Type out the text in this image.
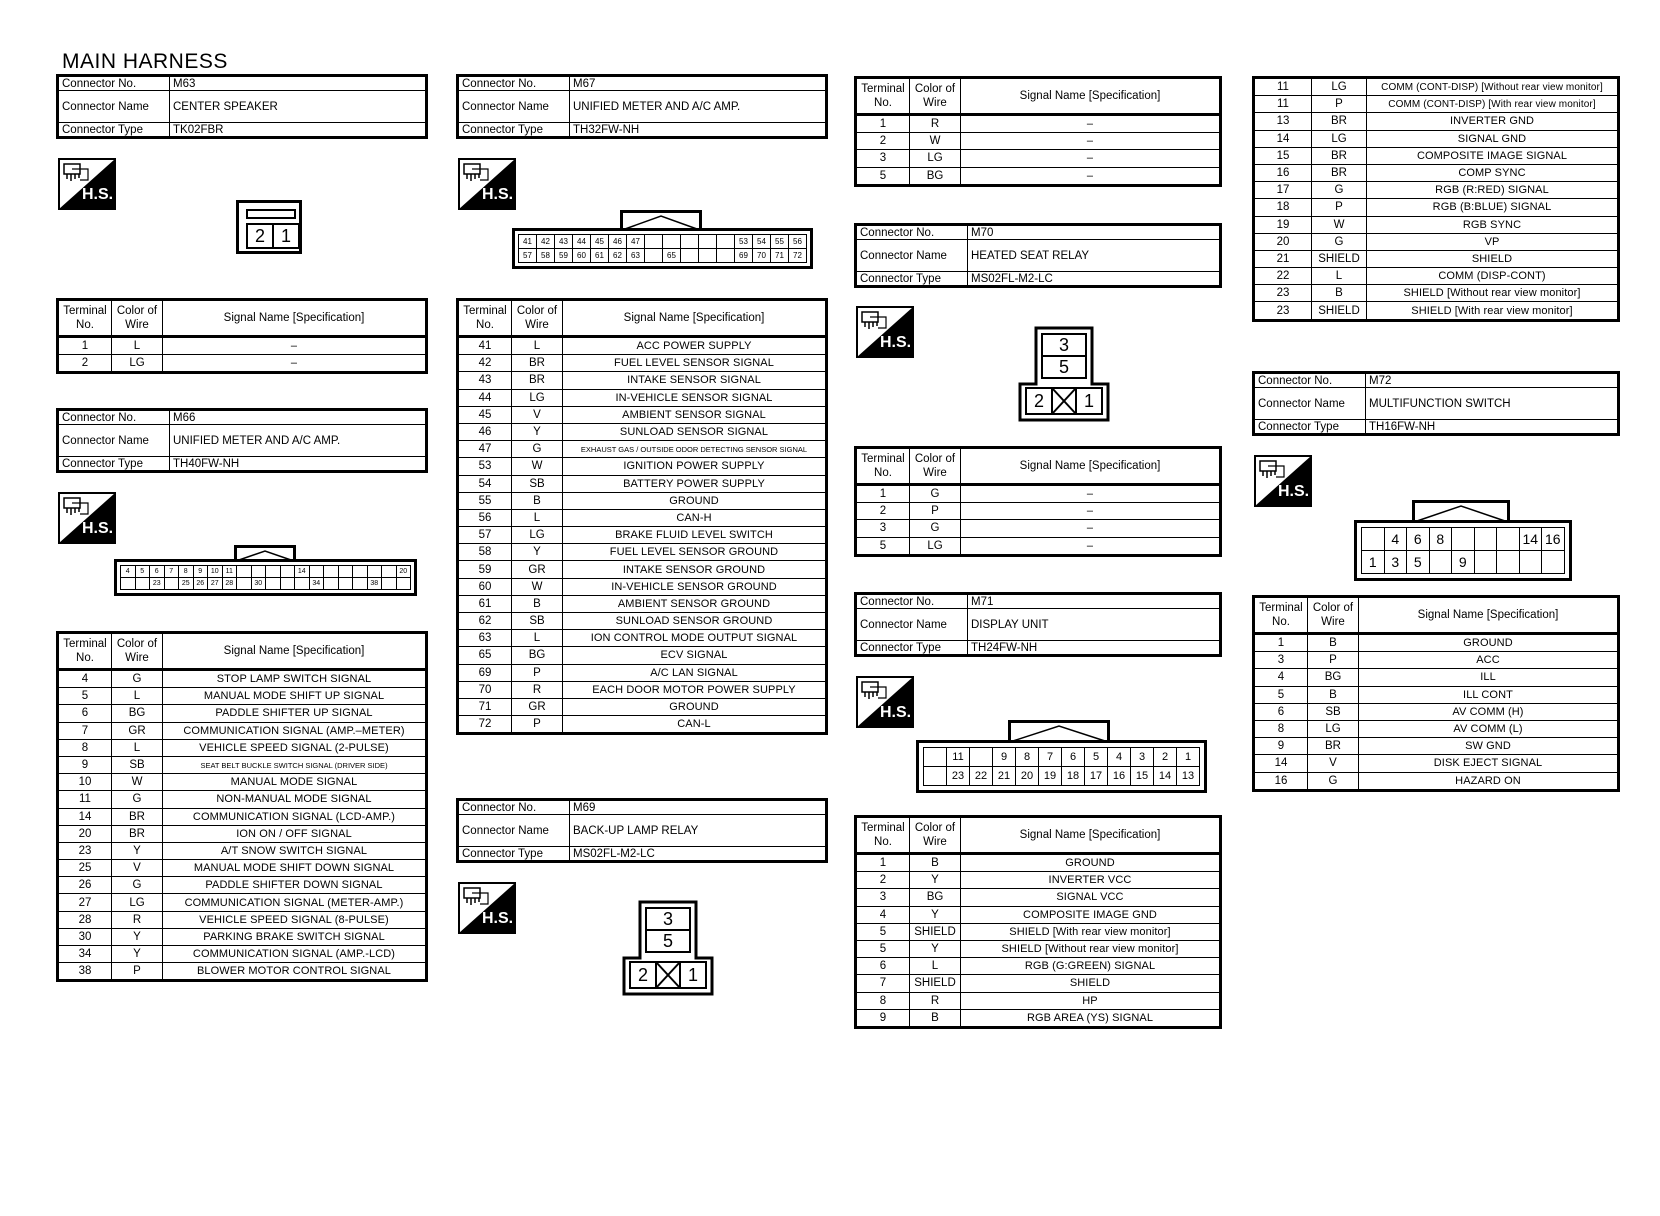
MAIN HARNESS
Connector No.	M63
Connector Name	CENTER SPEAKER
Connector Type	TK02FBR
H.S.
2 1
Terminal No.	Color of Wire	Signal Name [Specification]
1	L	–
2	LG	–
Connector No.	M66
Connector Name	UNIFIED METER AND A/C AMP.
Connector Type	TH40FW-NH
H.S.
4	5	6	7	8	9	10 11	14	20
23	25 26 27 28	30	34	38
Terminal No.	Color of Wire	Signal Name [Specification]
4	G	STOP LAMP SWITCH SIGNAL
5	L	MANUAL MODE SHIFT UP SIGNAL
6	BG	PADDLE SHIFTER UP SIGNAL
7	GR	COMMUNICATION SIGNAL (AMP.–METER)
8	L	VEHICLE SPEED SIGNAL (2-PULSE)
9	SB	SEAT BELT BUCKLE SWITCH SIGNAL (DRIVER SIDE)
10	W	MANUAL MODE SIGNAL
11	G	NON-MANUAL MODE SIGNAL
14	BR	COMMUNICATION SIGNAL (LCD-AMP.)
20	BR	ION ON / OFF SIGNAL
23	Y	A/T SNOW SWITCH SIGNAL
25	V	MANUAL MODE SHIFT DOWN SIGNAL
26	G	PADDLE SHIFTER DOWN SIGNAL
27	LG	COMMUNICATION SIGNAL (METER-AMP.)
28	R	VEHICLE SPEED SIGNAL (8-PULSE)
30	Y	PARKING BRAKE SWITCH SIGNAL
34	Y	COMMUNICATION SIGNAL (AMP.-LCD)
38	P	BLOWER MOTOR CONTROL SIGNAL
Connector No.	M67
Connector Name	UNIFIED METER AND A/C AMP.
Connector Type	TH32FW-NH
H.S.
41	42	43	44	45	46	47	53	54	55	56
57	58	59	60	61	62	63	65	69	70	71	72
Terminal No.	Color of Wire	Signal Name [Specification]
41	L	ACC POWER SUPPLY
42	BR	FUEL LEVEL SENSOR SIGNAL
43	BR	INTAKE SENSOR SIGNAL
44	LG	IN-VEHICLE SENSOR SIGNAL
45	V	AMBIENT SENSOR SIGNAL
46	Y	SUNLOAD SENSOR SIGNAL
47	G	EXHAUST GAS / OUTSIDE ODOR DETECTING SENSOR SIGNAL
53	W	IGNITION POWER SUPPLY
54	SB	BATTERY POWER SUPPLY
55	B	GROUND
56	L	CAN-H
57	LG	BRAKE FLUID LEVEL SWITCH
58	Y	FUEL LEVEL SENSOR GROUND
59	GR	INTAKE SENSOR GROUND
60	W	IN-VEHICLE SENSOR GROUND
61	B	AMBIENT SENSOR GROUND
62	SB	SUNLOAD SENSOR GROUND
63	L	ION CONTROL MODE OUTPUT SIGNAL
65	BG	ECV SIGNAL
69	P	A/C LAN SIGNAL
70	R	EACH DOOR MOTOR POWER SUPPLY
71	GR	GROUND
72	P	CAN-L
Connector No.	M69
Connector Name	BACK-UP LAMP RELAY
Connector Type	MS02FL-M2-LC
H.S.	3
5
2	1
Terminal No.	Color of Wire	Signal Name [Specification]
1	R	–
2	W	–
3	LG	–
5	BG	–
Connector No.	M70
Connector Name	HEATED SEAT RELAY
Connector Type	MS02FL-M2-LC
H.S.	3
5
2	1
Terminal No.	Color of Wire	Signal Name [Specification]
1	G	–
2	P	–
3	G	–
5	LG	–
Connector No.	M71
Connector Name	DISPLAY UNIT
Connector Type	TH24FW-NH
H.S.
11	9	8	7	6	5	4	3	2	1
23 22 21 20 19 18 17 16 15 14 13
Terminal No.	Color of Wire	Signal Name [Specification]
1	B	GROUND
2	Y	INVERTER VCC
3	BG	SIGNAL VCC
4	Y	COMPOSITE IMAGE GND
5	SHIELD	SHIELD [With rear view monitor]
5	Y	SHIELD [Without rear view monitor]
6	L	RGB (G:GREEN) SIGNAL
7	SHIELD	SHIELD
8	R	HP
9	B	RGB AREA (YS) SIGNAL
11	LG	COMM (CONT-DISP) [Without rear view monitor]
11	P	COMM (CONT-DISP) [With rear view monitor]
13	BR	INVERTER GND
14	LG	SIGNAL GND
15	BR	COMPOSITE IMAGE SIGNAL
16	BR	COMP SYNC
17	G	RGB (R:RED) SIGNAL
18	P	RGB (B:BLUE) SIGNAL
19	W	RGB SYNC
20	G	VP
21	SHIELD	SHIELD
22	L	COMM (DISP-CONT)
23	B	SHIELD [Without rear view monitor]
23	SHIELD	SHIELD [With rear view monitor]
Connector No.	M72
Connector Name	MULTIFUNCTION SWITCH
Connector Type	TH16FW-NH
H.S.
4	6	8	14 16
1	3	5	9
Terminal No.	Color of Wire	Signal Name [Specification]
1	B	GROUND
3	P	ACC
4	BG	ILL
5	B	ILL CONT
6	SB	AV COMM (H)
8	LG	AV COMM (L)
9	BR	SW GND
14	V	DISK EJECT SIGNAL
16	G	HAZARD ON
